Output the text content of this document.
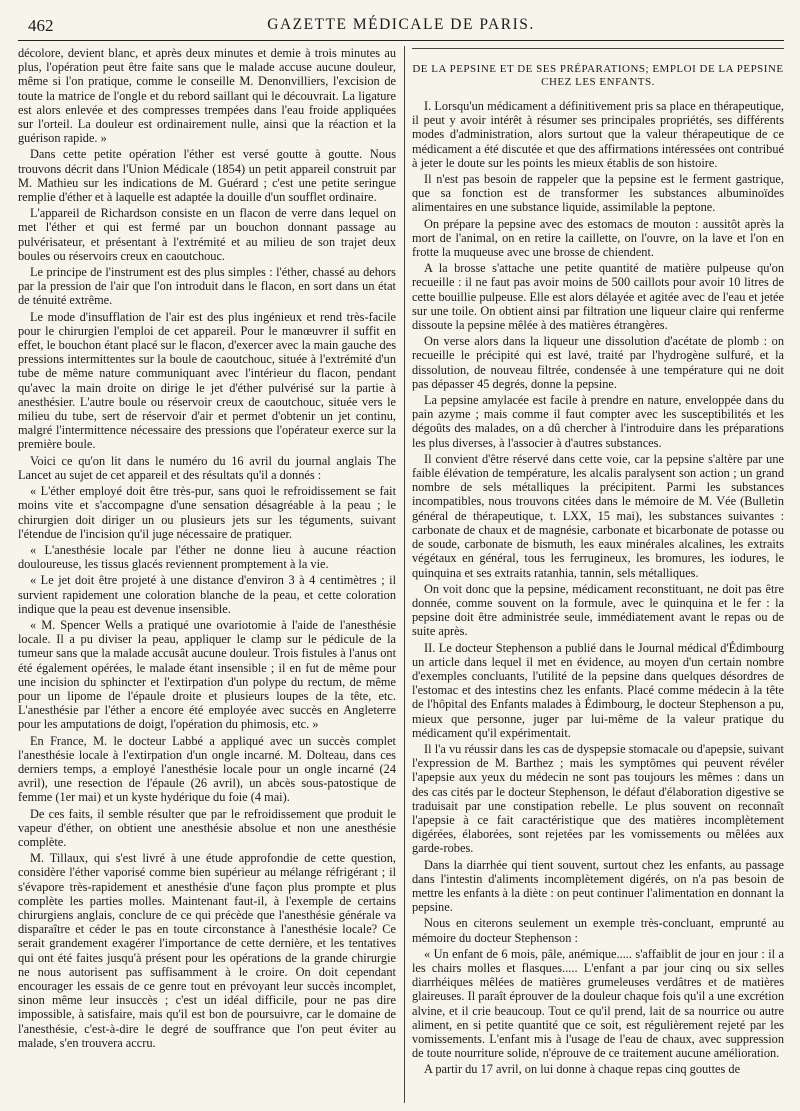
462	GAZETTE MÉDICALE DE PARIS.

décolore, devient blanc, et après deux minutes et demie à trois minutes au plus, l'opération peut être faite sans que le malade accuse aucune douleur, même si l'on pratique, comme le conseille M. Denonvilliers, l'excision de toute la matrice de l'ongle et du rebord saillant qui le découvrait. La ligature est alors enlevée et des compresses trempées dans l'eau froide appliquées sur l'orteil. La douleur est ordinairement nulle, ainsi que la réaction et la guérison rapide. »

Dans cette petite opération l'éther est versé goutte à goutte. Nous trouvons décrit dans l'Union Médicale (1854) un petit appareil construit par M. Mathieu sur les indications de M. Guérard ; c'est une petite seringue remplie d'éther et à laquelle est adaptée la douille d'un soufflet ordinaire.

L'appareil de Richardson consiste en un flacon de verre dans lequel on met l'éther et qui est fermé par un bouchon donnant passage au pulvérisateur, et présentant à l'extrémité et au milieu de son trajet deux boules ou réservoirs creux en caoutchouc.

Le principe de l'instrument est des plus simples : l'éther, chassé au dehors par la pression de l'air que l'on introduit dans le flacon, en sort dans un état de ténuité extrême.

Le mode d'insufflation de l'air est des plus ingénieux et rend très-facile pour le chirurgien l'emploi de cet appareil. Pour le manœuvrer il suffit en effet, le bouchon étant placé sur le flacon, d'exercer avec la main gauche des pressions intermittentes sur la boule de caoutchouc, située à l'extrémité d'un tube de même nature communiquant avec l'intérieur du flacon, pendant qu'avec la main droite on dirige le jet d'éther pulvérisé sur la partie à anesthésier. L'autre boule ou réservoir creux de caoutchouc, située vers le milieu du tube, sert de réservoir d'air et permet d'obtenir un jet continu, malgré l'intermittence nécessaire des pressions que l'opérateur exerce sur la première boule.

Voici ce qu'on lit dans le numéro du 16 avril du journal anglais The Lancet au sujet de cet appareil et des résultats qu'il a donnés :

« L'éther employé doit être très-pur, sans quoi le refroidissement se fait moins vite et s'accompagne d'une sensation désagréable à la peau ; le chirurgien doit diriger un ou plusieurs jets sur les téguments, suivant l'étendue de l'incision qu'il juge nécessaire de pratiquer.

« L'anesthésie locale par l'éther ne donne lieu à aucune réaction douloureuse, les tissus glacés reviennent promptement à la vie.

« Le jet doit être projeté à une distance d'environ 3 à 4 centimètres ; il survient rapidement une coloration blanche de la peau, et cette coloration indique que la peau est devenue insensible.

« M. Spencer Wells a pratiqué une ovariotomie à l'aide de l'anesthésie locale. Il a pu diviser la peau, appliquer le clamp sur le pédicule de la tumeur sans que la malade accusât aucune douleur. Trois fistules à l'anus ont été également opérées, le malade étant insensible ; il en fut de même pour une incision du sphincter et l'extirpation d'un polype du rectum, de même pour un lipome de l'épaule droite et plusieurs loupes de la tête, etc. L'anesthésie par l'éther a encore été employée avec succès en Angleterre pour les amputations de doigt, l'opération du phimosis, etc. »

En France, M. le docteur Labbé a appliqué avec un succès complet l'anesthésie locale à l'extirpation d'un ongle incarné. M. Dolteau, dans ces derniers temps, a employé l'anesthésie locale pour un ongle incarné (24 avril), une resection de l'épaule (26 avril), un abcès sous-patostique de femme (1er mai) et un kyste hydérique du foie (4 mai).

De ces faits, il semble résulter que par le refroidissement que produit le vapeur d'éther, on obtient une anesthésie absolue et non une anesthésie complète.

M. Tillaux, qui s'est livré à une étude approfondie de cette question, considère l'éther vaporisé comme bien supérieur au mélange réfrigérant ; il s'évapore très-rapidement et anesthésie d'une façon plus prompte et plus complète les parties molles. Maintenant faut-il, à l'exemple de certains chirurgiens anglais, conclure de ce qui précède que l'anesthésie générale va disparaître et céder le pas en toute circonstance à l'anesthésie locale? Ce serait grandement exagérer l'importance de cette dernière, et les tentatives qui ont été faites jusqu'à présent pour les opérations de la grande chirurgie ne nous autorisent pas suffisamment à le croire. On doit cependant encourager les essais de ce genre tout en prévoyant leur succès incomplet, sinon même leur insuccès ; c'est un idéal difficile, pour ne pas dire impossible, à satisfaire, mais qu'il est bon de poursuivre, car le domaine de l'anesthésie, c'est-à-dire le degré de souffrance que l'on peut éviter au malade, s'en trouvera accru.

DE LA PEPSINE ET DE SES PRÉPARATIONS; EMPLOI DE LA PEPSINE CHEZ LES ENFANTS.

I. Lorsqu'un médicament a définitivement pris sa place en thérapeutique, il peut y avoir intérêt à résumer ses principales propriétés, ses différents modes d'administration, alors surtout que la valeur thérapeutique de ce médicament a été discutée et que des affirmations intéressées ont contribué à jeter le doute sur les points les mieux établis de son histoire.

Il n'est pas besoin de rappeler que la pepsine est le ferment gastrique, que sa fonction est de transformer les substances albuminoïdes alimentaires en une substance liquide, assimilable la peptone.

On prépare la pepsine avec des estomacs de mouton : aussitôt après la mort de l'animal, on en retire la caillette, on l'ouvre, on la lave et l'on en frotte la muqueuse avec une brosse de chiendent.

A la brosse s'attache une petite quantité de matière pulpeuse qu'on recueille : il ne faut pas avoir moins de 500 caillots pour avoir 10 litres de cette bouillie pulpeuse. Elle est alors délayée et agitée avec de l'eau et jetée sur une toile. On obtient ainsi par filtration une liqueur claire qui renferme dissoute la pepsine mêlée à des matières étrangères.

On verse alors dans la liqueur une dissolution d'acétate de plomb : on recueille le précipité qui est lavé, traité par l'hydrogène sulfuré, et la dissolution, de nouveau filtrée, condensée à une température qui ne doit pas dépasser 45 degrés, donne la pepsine.

La pepsine amylacée est facile à prendre en nature, enveloppée dans du pain azyme ; mais comme il faut compter avec les susceptibilités et les dégoûts des malades, on a dû chercher à l'introduire dans les préparations les plus diverses, à l'associer à d'autres substances.

Il convient d'être réservé dans cette voie, car la pepsine s'altère par une faible élévation de température, les alcalis paralysent son action ; un grand nombre de sels métalliques la précipitent. Parmi les substances incompatibles, nous trouvons citées dans le mémoire de M. Vée (Bulletin général de thérapeutique, t. LXX, 15 mai), les substances suivantes : carbonate de chaux et de magnésie, carbonate et bicarbonate de potasse ou de soude, carbonate de bismuth, les eaux minérales alcalines, les extraits végétaux en général, tous les ferrugineux, les bromures, les iodures, le quinquina et ses extraits ratanhia, tannin, sels métalliques.

On voit donc que la pepsine, médicament reconstituant, ne doit pas être donnée, comme souvent on la formule, avec le quinquina et le fer : la pepsine doit être administrée seule, immédiatement avant le repas ou de suite après.

II. Le docteur Stephenson a publié dans le Journal médical d'Édimbourg un article dans lequel il met en évidence, au moyen d'un certain nombre d'exemples concluants, l'utilité de la pepsine dans quelques désordres de l'estomac et des intestins chez les enfants. Placé comme médecin à la tête de l'hôpital des Enfants malades à Édimbourg, le docteur Stephenson a pu, mieux que personne, juger par lui-même de la valeur pratique du médicament qu'il expérimentait.

Il l'a vu réussir dans les cas de dyspepsie stomacale ou d'apepsie, suivant l'expression de M. Barthez ; mais les symptômes qui peuvent révéler l'apepsie aux yeux du médecin ne sont pas toujours les mêmes : dans un des cas cités par le docteur Stephenson, le défaut d'élaboration digestive se traduisait par une constipation rebelle. Le plus souvent on reconnaît l'apepsie à ce fait caractéristique que des matières incomplètement digérées, élaborées, sont rejetées par les vomissements ou mêlées aux garde-robes.

Dans la diarrhée qui tient souvent, surtout chez les enfants, au passage dans l'intestin d'aliments incomplètement digérés, on n'a pas besoin de mettre les enfants à la diète : on peut continuer l'alimentation en donnant la pepsine.

Nous en citerons seulement un exemple très-concluant, emprunté au mémoire du docteur Stephenson :

« Un enfant de 6 mois, pâle, anémique..... s'affaiblit de jour en jour : il a les chairs molles et flasques..... L'enfant a par jour cinq ou six selles diarrhéiques mêlées de matières grumeleuses verdâtres et de matières glaireuses. Il paraît éprouver de la douleur chaque fois qu'il a une excrétion alvine, et il crie beaucoup. Tout ce qu'il prend, lait de sa nourrice ou autre aliment, en si petite quantité que ce soit, est régulièrement rejeté par les vomissements. L'enfant mis à l'usage de l'eau de chaux, avec suppression de toute nourriture solide, n'éprouve de ce traitement aucune amélioration.

A partir du 17 avril, on lui donne à chaque repas cinq gouttes de
